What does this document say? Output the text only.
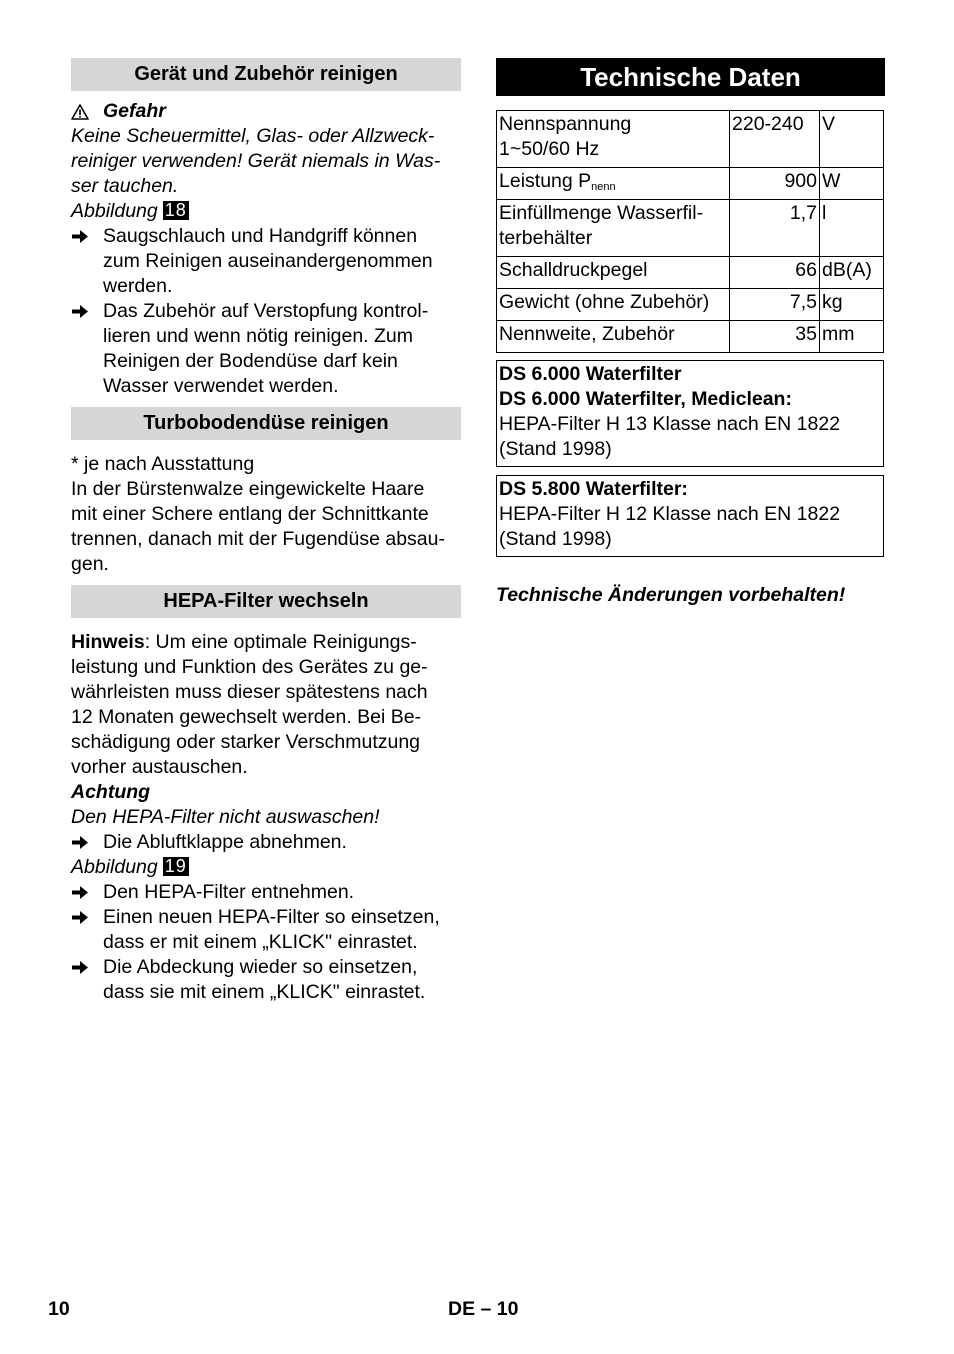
Gerät und Zubehör reinigen
Gefahr

Keine Scheuermittel, Glas- oder Allzweck-

reiniger verwenden! Gerät niemals in Was-

ser tauchen.

Abbildung 18

Saugschlauch und Handgriff können
zum Reinigen auseinandergenommen
werden.
Das Zubehör auf Verstopfung kontrol-
lieren und wenn nötig reinigen. Zum
Reinigen der Bodendüse darf kein
Wasser verwendet werden.
Turbobodendüse reinigen

* je nach Ausstattung

In der Bürstenwalze eingewickelte Haare

mit einer Schere entlang der Schnittkante

trennen, danach mit der Fugendüse absau-

gen.

HEPA-Filter wechseln

Hinweis: Um eine optimale Reinigungs-

leistung und Funktion des Gerätes zu ge-

währleisten muss dieser spätestens nach

12 Monaten gewechselt werden. Bei Be-

schädigung oder starker Verschmutzung

vorher austauschen.

Achtung

Den HEPA-Filter nicht auswaschen!

Die Abluftklappe abnehmen.

Abbildung 19

Den HEPA-Filter entnehmen.
Einen neuen HEPA-Filter so einsetzen,
dass er mit einem „KLICK" einrastet.
Die Abdeckung wieder so einsetzen,
dass sie mit einem „KLICK" einrastet.
Technische Daten
Nennspannung
1~50/60 Hz	220-240	V
Leistung $P_{nenn}$	900	W

Einfüllmenge Wasserfil-
terbehälter	1,7	l
Schalldruckpegel	66	dB(A)
Gewicht (ohne Zubehör)	7,5	kg
Nennweite, Zubehör	35	mm
DS 6.000 Waterfilter
DS 6.000 Waterfilter, Mediclean:
HEPA-Filter H 13 Klasse nach EN 1822
(Stand 1998)
DS 5.800 Waterfilter:
HEPA-Filter H 12 Klasse nach EN 1822
(Stand 1998)
Technische Änderungen vorbehalten!
10	DE – 10
